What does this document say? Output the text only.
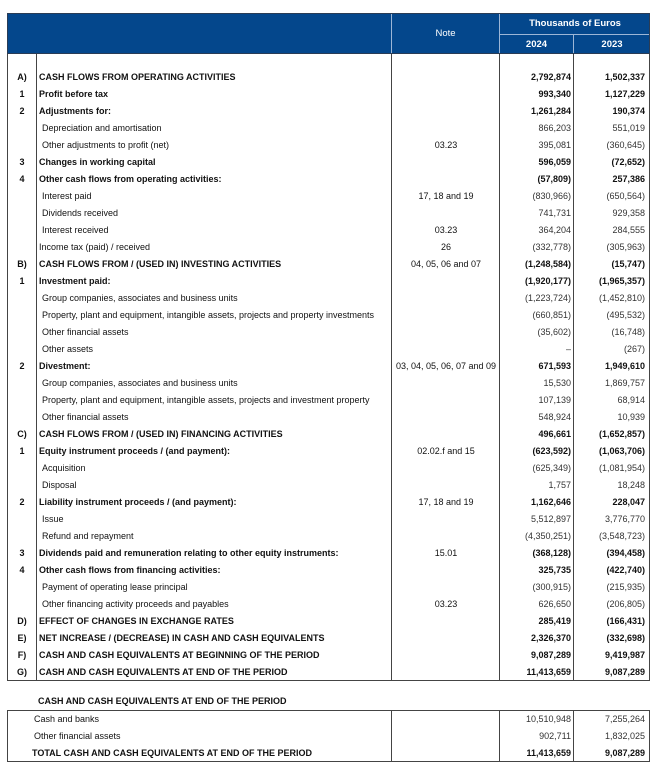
Note
Thousands of Euros
2024	2023
A)	CASH FLOWS FROM OPERATING ACTIVITIES	2,792,874	1,502,337
1	Profit before tax	993,340	1,127,229
2	Adjustments for:	1,261,284	190,374
Depreciation and amortisation	866,203	551,019
Other adjustments to profit (net)	03.23	395,081	(360,645)
3	Changes in working capital	596,059	(72,652)
4	Other cash flows from operating activities:	(57,809)	257,386
Interest paid	17, 18 and 19	(830,966)	(650,564)
Dividends received	741,731	929,358
Interest received	03.23	364,204	284,555
Income tax (paid) / received	26	(332,778)	(305,963)
B)	CASH FLOWS FROM / (USED IN) INVESTING ACTIVITIES	04, 05, 06 and 07	(1,248,584)	(15,747)
1	Investment paid:	(1,920,177)	(1,965,357)
Group companies, associates and business units	(1,223,724)	(1,452,810)
Property, plant and equipment, intangible assets, projects and property investments	(660,851)	(495,532)
Other financial assets	(35,602)	(16,748)
Other assets	–	(267)
2	Divestment:	03, 04, 05, 06, 07 and 09	671,593	1,949,610
Group companies, associates and business units	15,530	1,869,757
Property, plant and equipment, intangible assets, projects and investment property	107,139	68,914
Other financial assets	548,924	10,939
C)	CASH FLOWS FROM / (USED IN) FINANCING ACTIVITIES	496,661	(1,652,857)
1	Equity instrument proceeds / (and payment):	02.02.f and 15	(623,592)	(1,063,706)
Acquisition	(625,349)	(1,081,954)
Disposal	1,757	18,248
2	Liability instrument proceeds / (and payment):	17, 18 and 19	1,162,646	228,047
Issue	5,512,897	3,776,770
Refund and repayment	(4,350,251)	(3,548,723)
3	Dividends paid and remuneration relating to other equity instruments:	15.01	(368,128)	(394,458)
4	Other cash flows from financing activities:	325,735	(422,740)
Payment of operating lease principal	(300,915)	(215,935)
Other financing activity proceeds and payables	03.23	626,650	(206,805)
D)	EFFECT OF CHANGES IN EXCHANGE RATES	285,419	(166,431)
E)	NET INCREASE / (DECREASE) IN CASH AND CASH EQUIVALENTS	2,326,370	(332,698)
F)	CASH AND CASH EQUIVALENTS AT BEGINNING OF THE PERIOD	9,087,289	9,419,987
G)	CASH AND CASH EQUIVALENTS AT END OF THE PERIOD	11,413,659	9,087,289
CASH AND CASH EQUIVALENTS AT END OF THE PERIOD
Cash and banks	10,510,948	7,255,264
Other financial assets	902,711	1,832,025
TOTAL CASH AND CASH EQUIVALENTS AT END OF THE PERIOD	11,413,659	9,087,289
